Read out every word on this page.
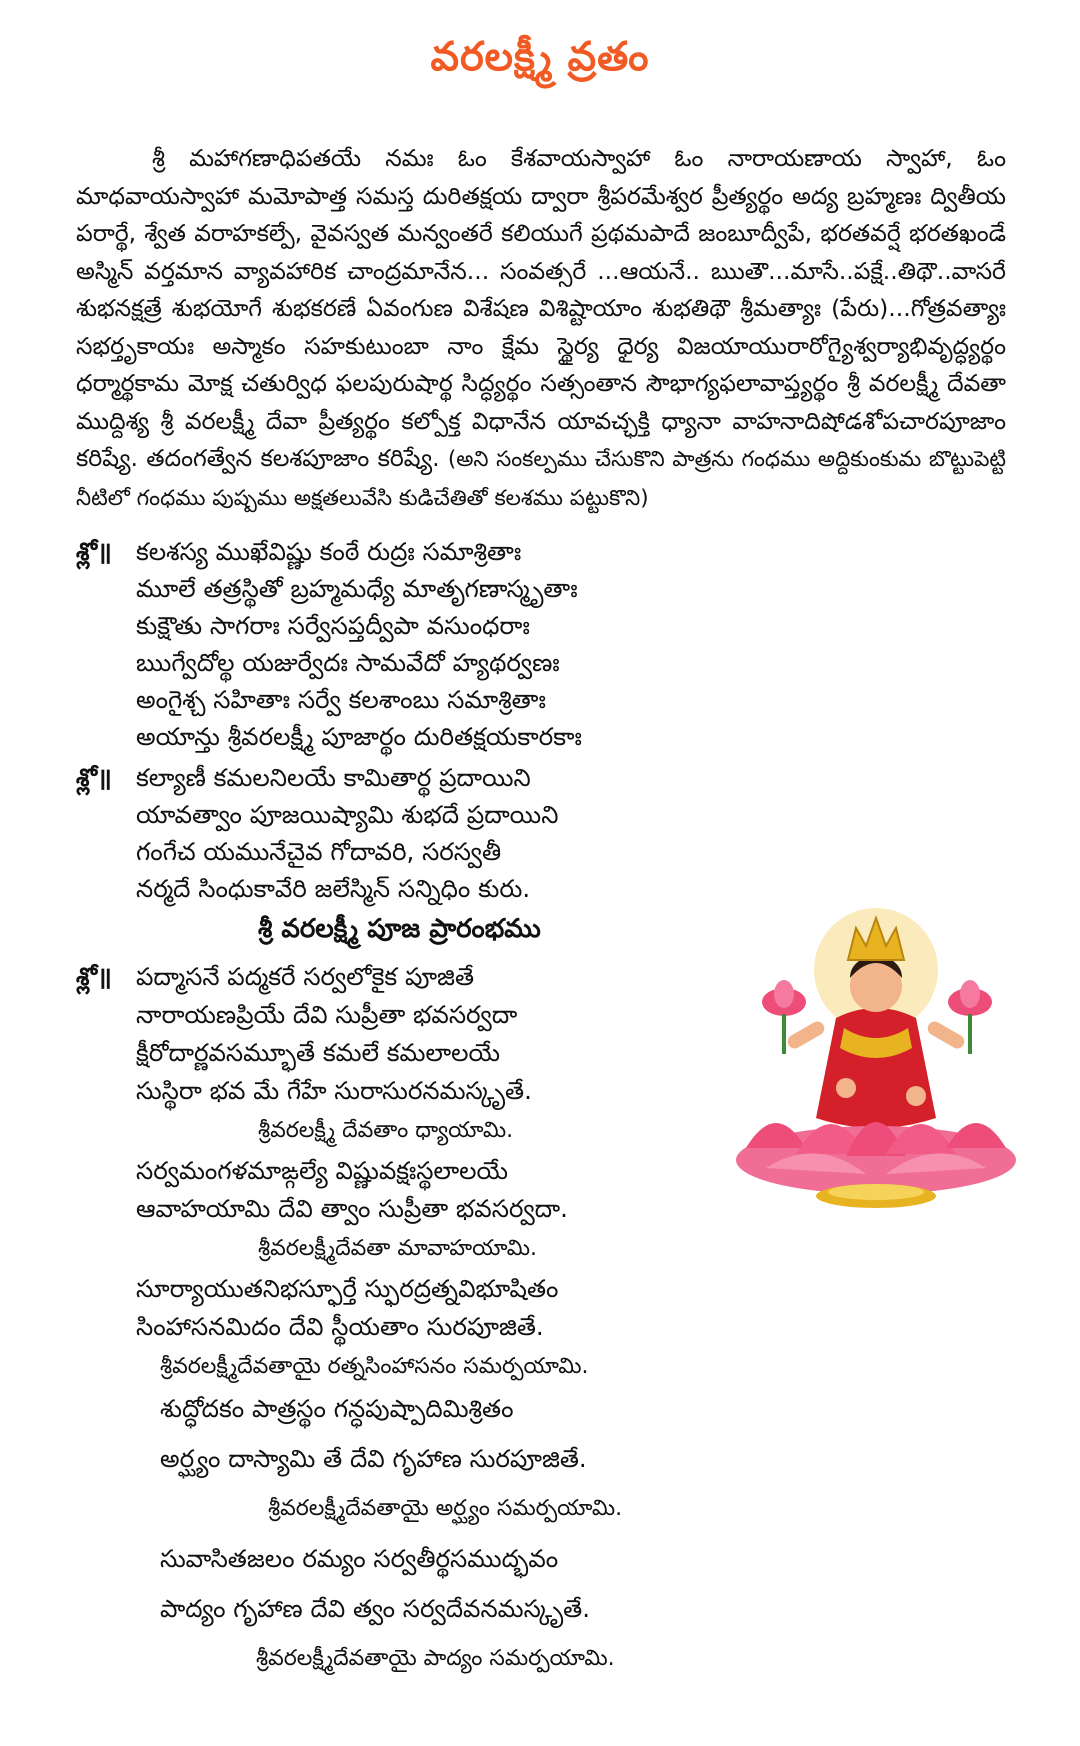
వరలక్ష్మీ వ్రతం

శ్రీ మహాగణాధిపతయే నమః ఓం కేశవాయస్వాహా ఓం నారాయణాయ స్వాహా, ఓం మాధవాయస్వాహా మమోపాత్త సమస్త దురితక్షయ ద్వారా శ్రీపరమేశ్వర ప్రీత్యర్థం అద్య బ్రహ్మణః ద్వితీయ పరార్థే, శ్వేత వరాహకల్పే, వైవస్వత మన్వంతరే కలియుగే ప్రథమపాదే జంబూద్వీపే, భరతవర్షే భరతఖండే అస్మిన్ వర్తమాన వ్యావహారిక చాంద్రమానేన... సంవత్సరే ...ఆయనే.. ఋతౌ...మాసే..పక్షే..తిథౌ..వాసరే శుభనక్షత్రే శుభయోగే శుభకరణే ఏవంగుణ విశేషణ విశిష్టాయాం శుభతిథౌ శ్రీమత్యాః (పేరు)...గోత్రవత్యాః సభర్తృకాయః అస్మాకం సహకుటుంబా నాం క్షేమ స్థైర్య ధైర్య విజయాయురారోగ్యైశ్వర్యాభివృద్ధ్యర్థం ధర్మార్థకామ మోక్ష చతుర్విధ ఫలపురుషార్థ సిద్ధ్యర్థం సత్సంతాన సౌభాగ్యఫలావాప్త్యర్థం శ్రీ వరలక్ష్మీ దేవతా ముద్దిశ్య శ్రీ వరలక్ష్మీ దేవా ప్రీత్యర్థం కల్పోక్త విధానేన యావచ్ఛక్తి ధ్యానా వాహనాదిషోడశోపచారపూజాం కరిష్యే. తదంగత్వేన కలశపూజాం కరిష్యే. (అని సంకల్పము చేసుకొని పాత్రను గంధము అద్దికుంకుమ బొట్టుపెట్టి నీటిలో గంధము పుష్పము అక్షతలువేసి కుడిచేతితో కలశము పట్టుకొని)

శ్లో॥ కలశస్య ముఖేవిష్ణు కంఠే రుద్రః సమాశ్రితాః
మూలే తత్రస్థితో బ్రహ్మమధ్యే మాతృగణాస్మృతాః
కుక్షౌతు సాగరాః సర్వేసప్తద్వీపా వసుంధరాః
ఋగ్వేదోల్థ యజుర్వేదః సామవేదో హ్యథర్వణః
అంగైశ్చ సహితాః సర్వే కలశాంబు సమాశ్రితాః
అయాన్తు శ్రీవరలక్ష్మీ పూజార్థం దురితక్షయకారకాః
శ్లో॥ కల్యాణీ కమలనిలయే కామితార్థ ప్రదాయిని
యావత్వాం పూజయిష్యామి శుభదే ప్రదాయిని
గంగేచ యమునేచైవ గోదావరి, సరస్వతీ
నర్మదే సింధుకావేరి జలేస్మిన్ సన్నిధిం కురు.
శ్రీ వరలక్ష్మీ పూజ ప్రారంభము
శ్లో॥ పద్మాసనే పద్మకరే సర్వలోకైక పూజితే
నారాయణప్రియే దేవి సుప్రీతా భవసర్వదా
క్షీరోదార్ణవసమ్భూతే కమలే కమలాలయే
సుస్థిరా భవ మే గేహే సురాసురనమస్కృతే.
శ్రీవరలక్ష్మీ దేవతాం ధ్యాయామి.
సర్వమంగళమాఙ్గల్యే విష్ణువక్షఃస్థలాలయే
ఆవాహయామి దేవి త్వాం సుప్రీతా భవసర్వదా.
శ్రీవరలక్ష్మీదేవతా మావాహయామి.
సూర్యాయుతనిభస్ఫూర్తే స్ఫురద్రత్నవిభూషితం
సింహాసనమిదం దేవి స్థీయతాం సురపూజితే.
శ్రీవరలక్ష్మీదేవతాయై రత్నసింహాసనం సమర్పయామి.
శుద్ధోదకం పాత్రస్థం గన్ధపుష్పాదిమిశ్రితం
అర్ఘ్యం దాస్యామి తే దేవి గృహాణ సురపూజితే.
శ్రీవరలక్ష్మీదేవతాయై అర్ఘ్యం సమర్పయామి.
సువాసితజలం రమ్యం సర్వతీర్థసముద్భవం
పాద్యం గృహాణ దేవి త్వం సర్వదేవనమస్కృతే.
శ్రీవరలక్ష్మీదేవతాయై పాద్యం సమర్పయామి.
